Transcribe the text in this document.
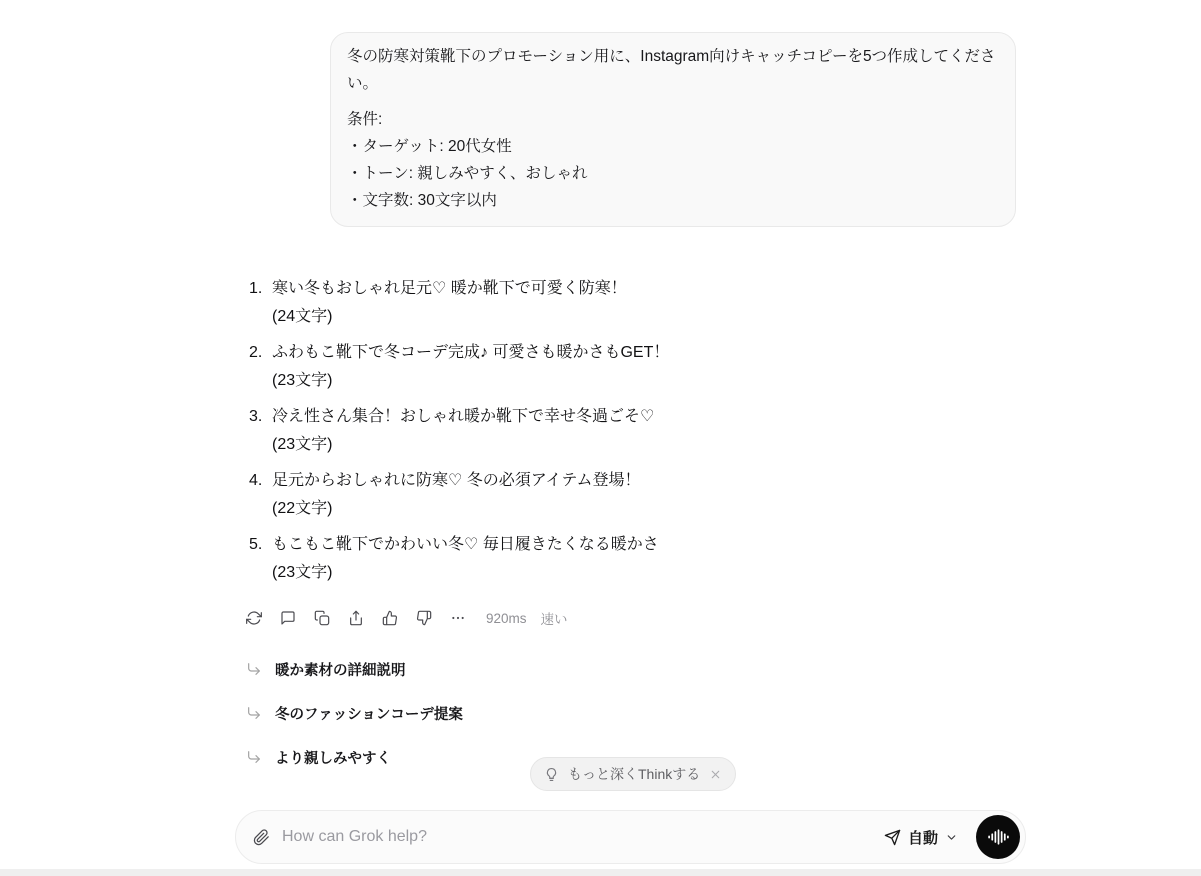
冬の防寒対策靴下のプロモーション用に、Instagram向けキャッチコピーを5つ作成してください。
条件:
・ターゲット: 20代女性
・トーン: 親しみやすく、おしゃれ
・文字数: 30文字以内
1. 寒い冬もおしゃれ足元♡ 暖か靴下で可愛く防寒！
(24文字)
2. ふわもこ靴下で冬コーデ完成♪ 可愛さも暖かさもGET！
(23文字)
3. 冷え性さん集合！おしゃれ暖か靴下で幸せ冬過ごそ♡
(23文字)
4. 足元からおしゃれに防寒♡ 冬の必須アイテム登場！
(22文字)
5. もこもこ靴下でかわいい冬♡ 毎日履きたくなる暖かさ
(23文字)
920ms 速い
暖か素材の詳細説明
冬のファッションコーデ提案
より親しみやすく
もっと深くThinkする
How can Grok help?
自動
